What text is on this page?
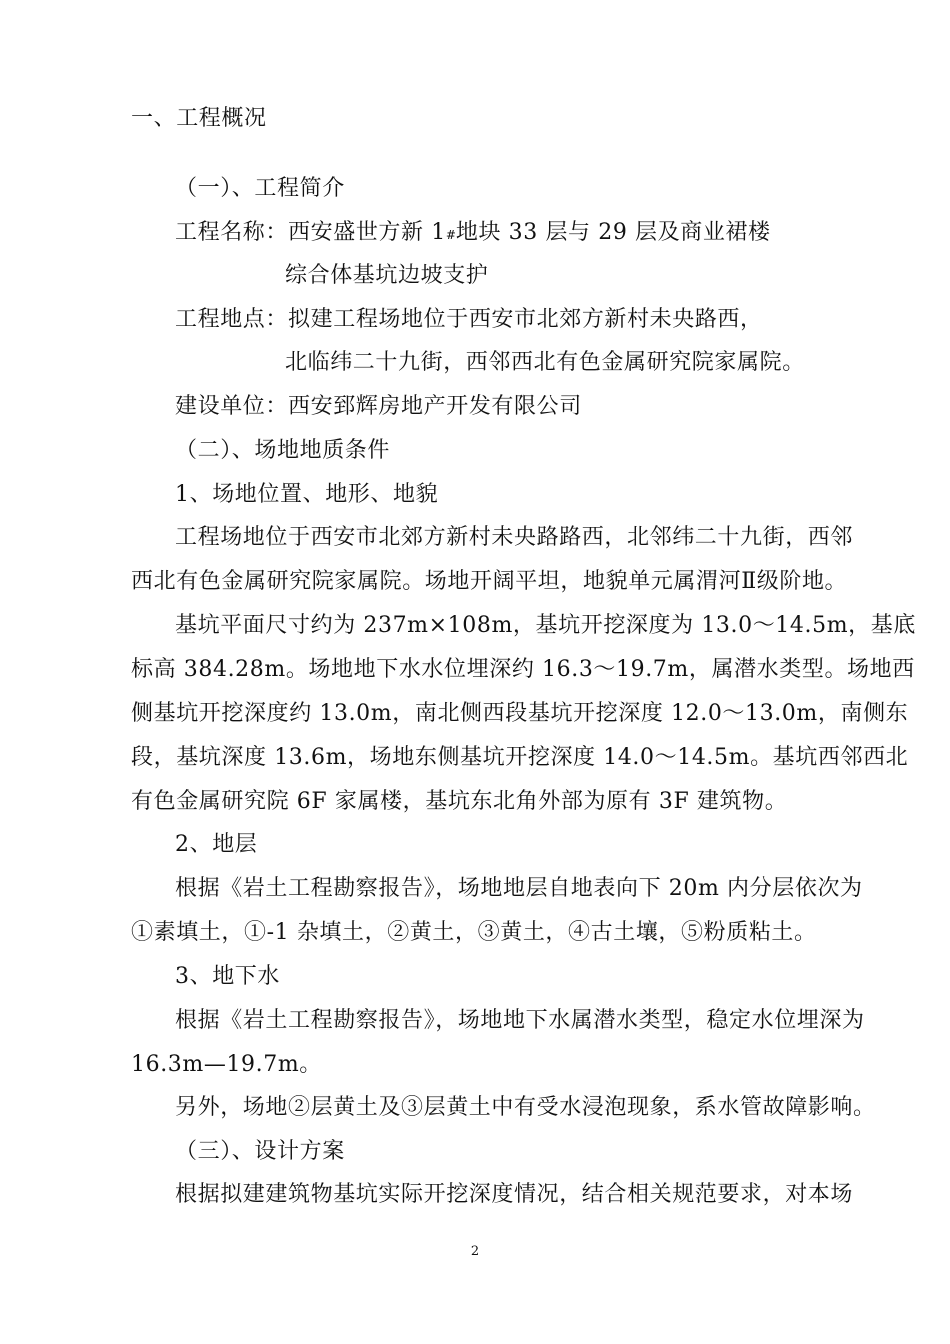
一、工程概况
（一）、工程简介
工程名称：西安盛世方新 1#地块 33 层与 29 层及商业裙楼
综合体基坑边坡支护
工程地点：拟建工程场地位于西安市北郊方新村未央路西，
北临纬二十九街，西邻西北有色金属研究院家属院。
建设单位：西安郅辉房地产开发有限公司
（二）、场地地质条件
1、场地位置、地形、地貌
工程场地位于西安市北郊方新村未央路路西，北邻纬二十九街，西邻
西北有色金属研究院家属院。场地开阔平坦，地貌单元属渭河Ⅱ级阶地。
基坑平面尺寸约为 237m×108m，基坑开挖深度为 13.0～14.5m，基底
标高 384.28m。场地地下水水位埋深约 16.3～19.7m，属潜水类型。场地西
侧基坑开挖深度约 13.0m，南北侧西段基坑开挖深度 12.0～13.0m，南侧东
段，基坑深度 13.6m，场地东侧基坑开挖深度 14.0～14.5m。基坑西邻西北
有色金属研究院 6F 家属楼，基坑东北角外部为原有 3F 建筑物。
2、地层
根据《岩土工程勘察报告》，场地地层自地表向下 20m 内分层依次为
①素填土，①-1 杂填土，②黄土，③黄土，④古土壤，⑤粉质粘土。
3、地下水
根据《岩土工程勘察报告》，场地地下水属潜水类型，稳定水位埋深为
16.3m—19.7m。
另外，场地②层黄土及③层黄土中有受水浸泡现象，系水管故障影响。
（三）、设计方案
根据拟建建筑物基坑实际开挖深度情况，结合相关规范要求，对本场
2
